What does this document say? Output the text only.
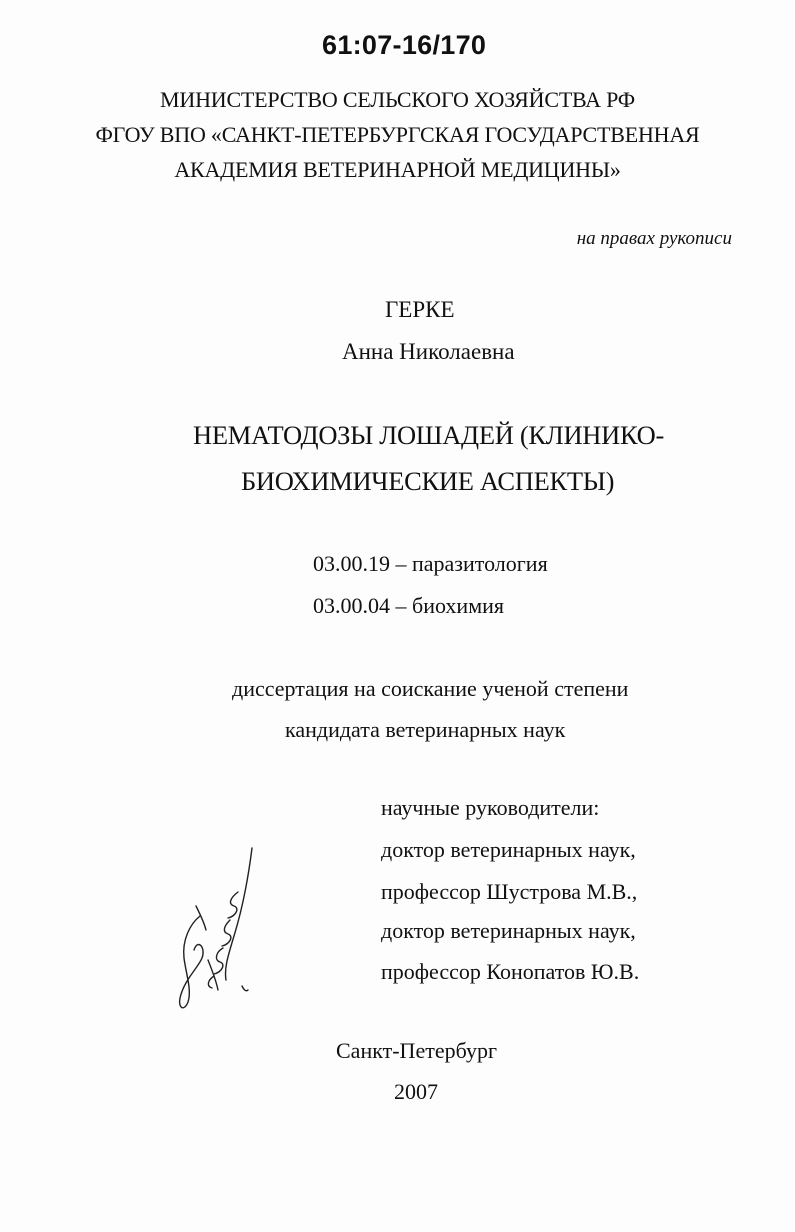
61:07-16/170
МИНИСТЕРСТВО СЕЛЬСКОГО ХОЗЯЙСТВА РФ
ФГОУ ВПО «САНКТ-ПЕТЕРБУРГСКАЯ ГОСУДАРСТВЕННАЯ
АКАДЕМИЯ ВЕТЕРИНАРНОЙ МЕДИЦИНЫ»
на правах рукописи
ГЕРКЕ
Анна Николаевна
НЕМАТОДОЗЫ ЛОШАДЕЙ (КЛИНИКО-
БИОХИМИЧЕСКИЕ АСПЕКТЫ)
03.00.19 – паразитология
03.00.04 – биохимия
диссертация на соискание ученой степени
кандидата ветеринарных наук
научные руководители:
доктор ветеринарных наук,
профессор Шустрова М.В.,
доктор ветеринарных наук,
профессор Конопатов Ю.В.
Санкт-Петербург
2007
